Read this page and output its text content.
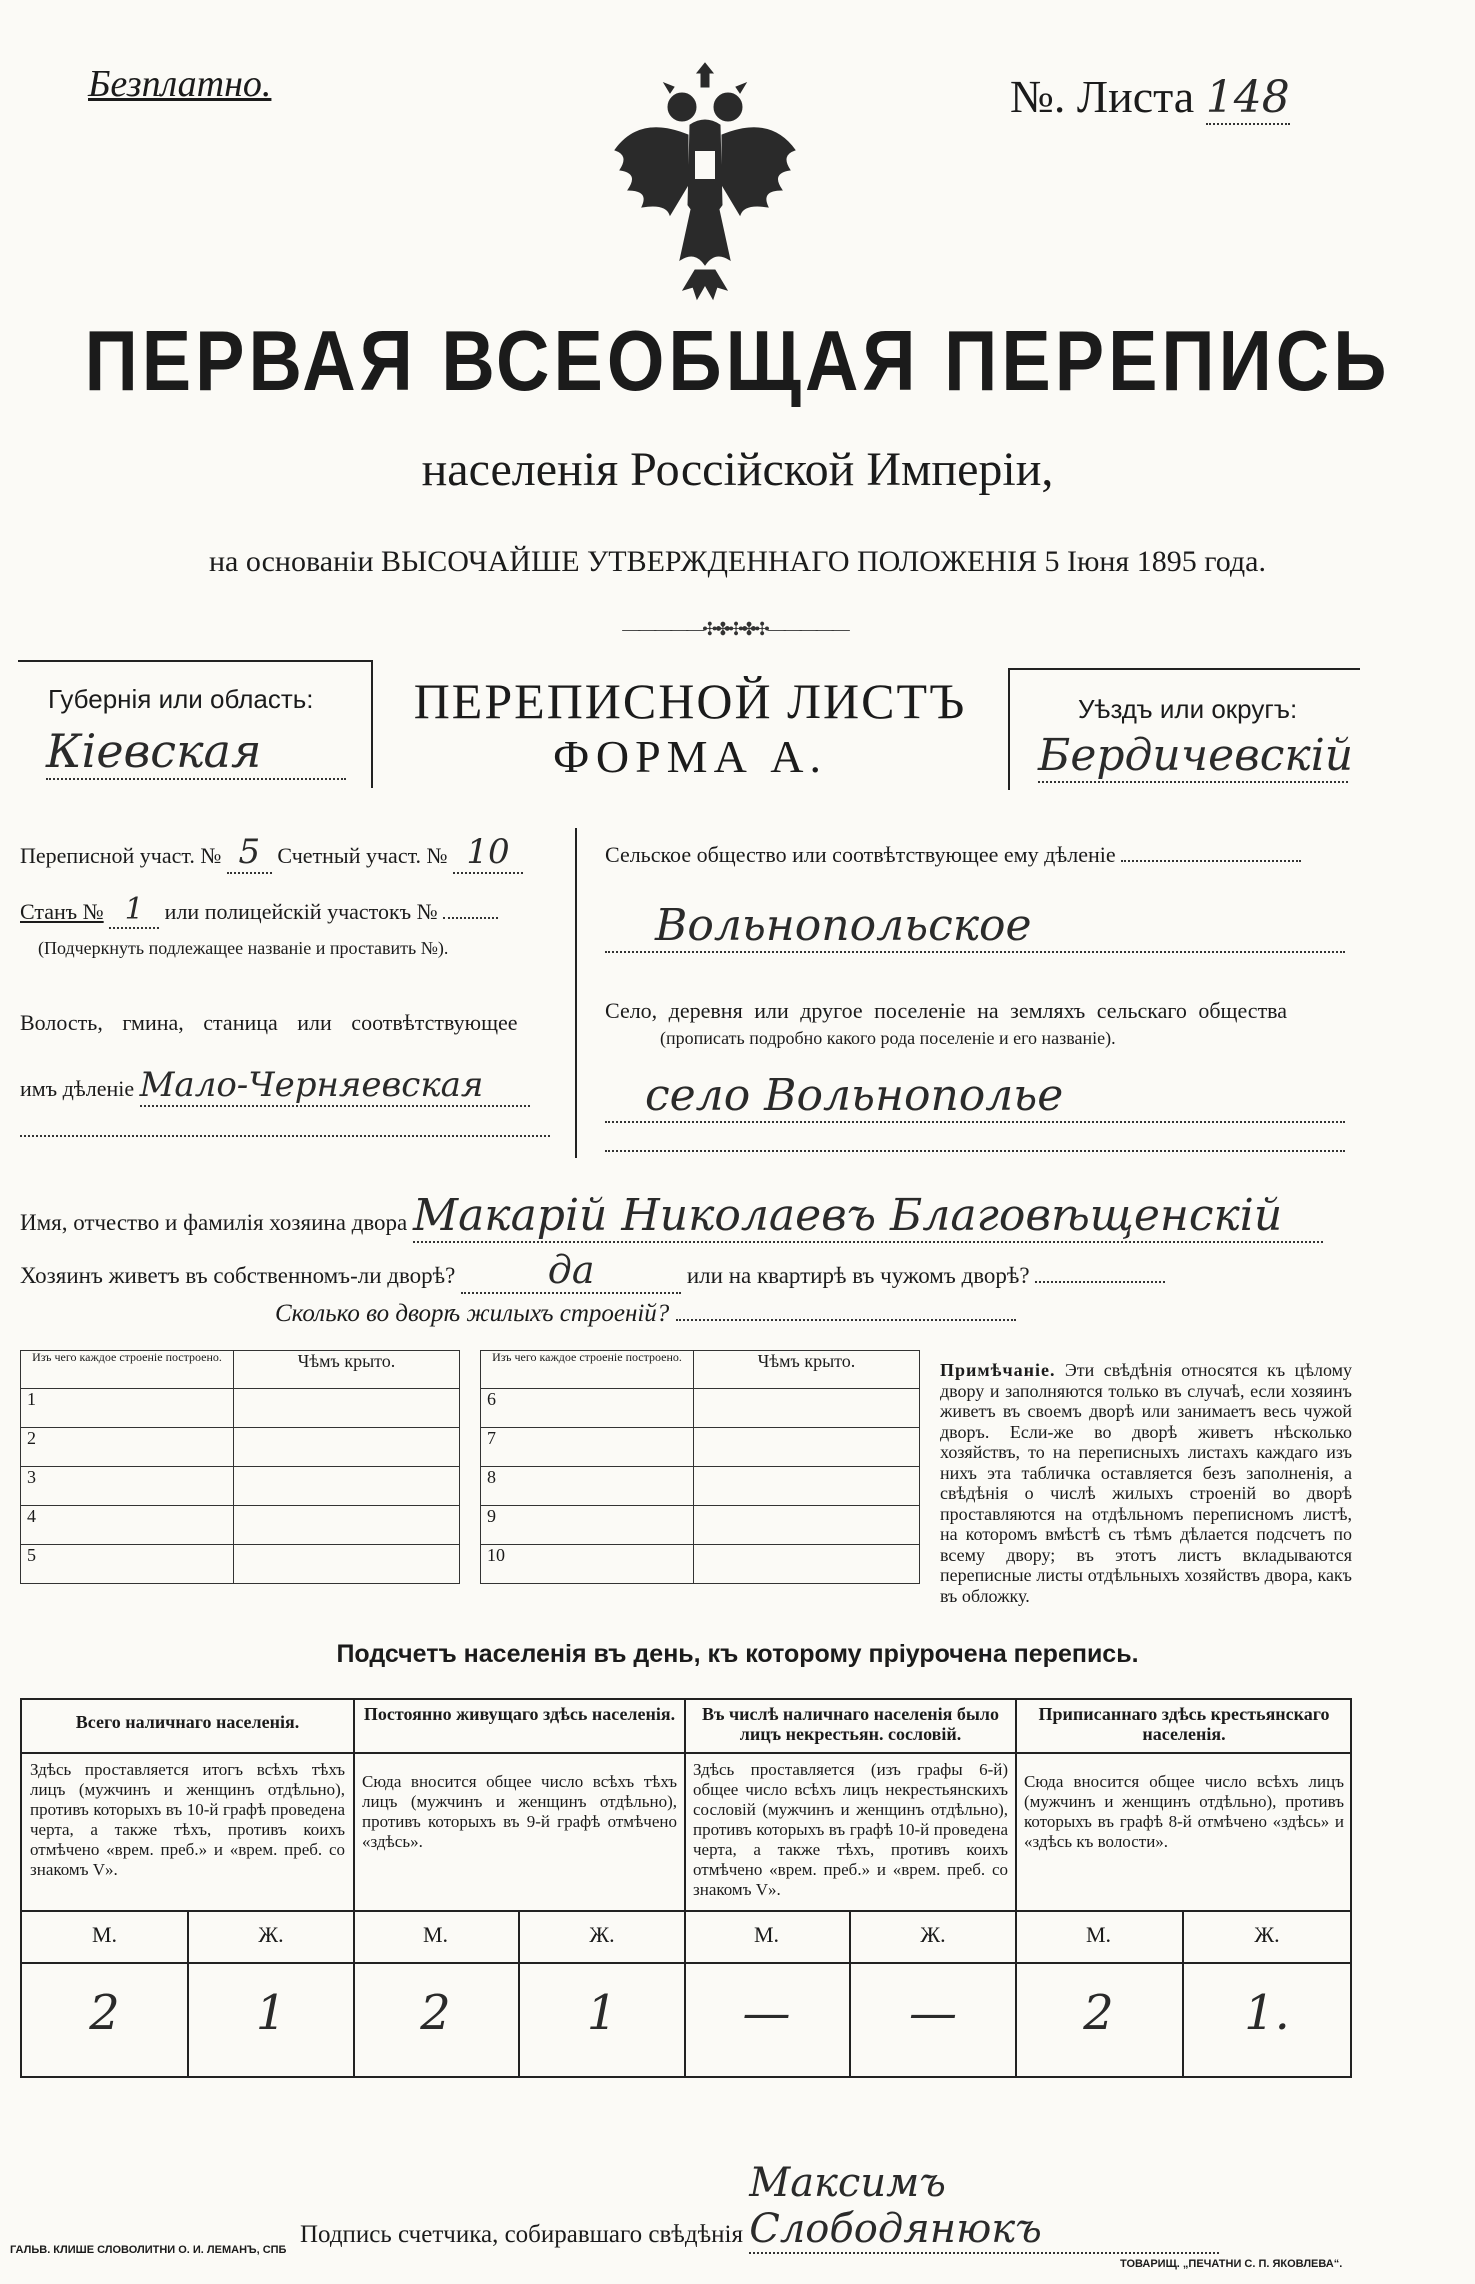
Безплатно.	№. Листа 148
ПЕРВАЯ ВСЕОБЩАЯ ПЕРЕПИСЬ
населенія Россійской Имперіи,
на основаніи ВЫСОЧАЙШЕ УТВЕРЖДЕННАГО ПОЛОЖЕНІЯ 5 Іюня 1895 года.
—————✣✤✣✤✣—————
Губернія или область:
Кіевская
ПЕРЕПИСНОЙ ЛИСТЪ
ФОРМА А.
Уѣздъ или округъ:
Бердичевскій
Переписной участ. № 5 Счетный участ. № 10
Станъ № 1 или полицейскій участокъ №
(Подчеркнуть подлежащее названіе и проставить №).
Волость, гмина, станица или соотвѣтствующее
имъ дѣленіе Мало-Черняевская
Сельское общество или соотвѣтствующее ему дѣленіе
Вольнопольское
Село, деревня или другое поселеніе на земляхъ сельскаго общества
(прописать подробно какого рода поселеніе и его названіе).
село Вольнополье
Имя, отчество и фамилія хозяина двора Макарій Николаевъ Благовѣщенскій
Хозяинъ живетъ въ собственномъ-ли дворѣ? да	или на квартирѣ въ чужомъ дворѣ?
Сколько во дворѣ жилыхъ строеній?
Изъ чего каждое строеніе построено.	Чѣмъ крыто.
1	
2	
3	
4	
5	
Изъ чего каждое строеніе построено.	Чѣмъ крыто.
6	
7	
8	
9	
10	
Примѣчаніе. Эти свѣдѣнія относятся къ цѣлому двору и заполняются только въ случаѣ, если хозяинъ живетъ въ своемъ дворѣ или занимаетъ весь чужой дворъ. Если-же во дворѣ живетъ нѣсколько хозяйствъ, то на переписныхъ листахъ каждаго изъ нихъ эта табличка оставляется безъ заполненія, а свѣдѣнія о числѣ жилыхъ строеній во дворѣ проставляются на отдѣльномъ переписномъ листѣ, на которомъ вмѣстѣ съ тѣмъ дѣлается подсчетъ по всему двору; въ этотъ листъ вкладываются переписные листы отдѣльныхъ хозяйствъ двора, какъ въ обложку.
Подсчетъ населенія въ день, къ которому пріурочена перепись.
Всего наличнаго населенія.
Здѣсь проставляется итогъ всѣхъ тѣхъ лицъ (мужчинъ и женщинъ отдѣльно), противъ которыхъ въ 10-й графѣ проведена черта, а также тѣхъ, противъ коихъ отмѣчено «врем. преб.» и «врем. преб. со знакомъ V».
Постоянно живущаго здѣсь населенія.
Сюда вносится общее число всѣхъ тѣхъ лицъ (мужчинъ и женщинъ отдѣльно), противъ которыхъ въ 9-й графѣ отмѣчено «здѣсь».
Въ числѣ наличнаго населенія было лицъ некрестьян. сословій.
Здѣсь проставляется (изъ графы 6-й) общее число всѣхъ лицъ некрестьянскихъ сословій (мужчинъ и женщинъ отдѣльно), противъ которыхъ въ графѣ 10-й проведена черта, а также тѣхъ, противъ коихъ отмѣчено «врем. преб.» и «врем. преб. со знакомъ V».
Приписаннаго здѣсь крестьянскаго населенія.
Сюда вносится общее число всѣхъ лицъ (мужчинъ и женщинъ отдѣльно), противъ которыхъ въ графѣ 8-й отмѣчено «здѣсь» и «здѣсь къ волости».
М.	Ж.	М.	Ж.	М.	Ж.	М.	Ж.
2	1	2	1	—	—	2	1.
Подпись счетчика, собиравшаго свѣдѣнія Максимъ Слободянюкъ
ГАЛЬВ. КЛИШЕ СЛОВОЛИТНИ О. И. ЛЕМАНЪ, СПБ
ТОВАРИЩ. „ПЕЧАТНИ С. П. ЯКОВЛЕВА“.
